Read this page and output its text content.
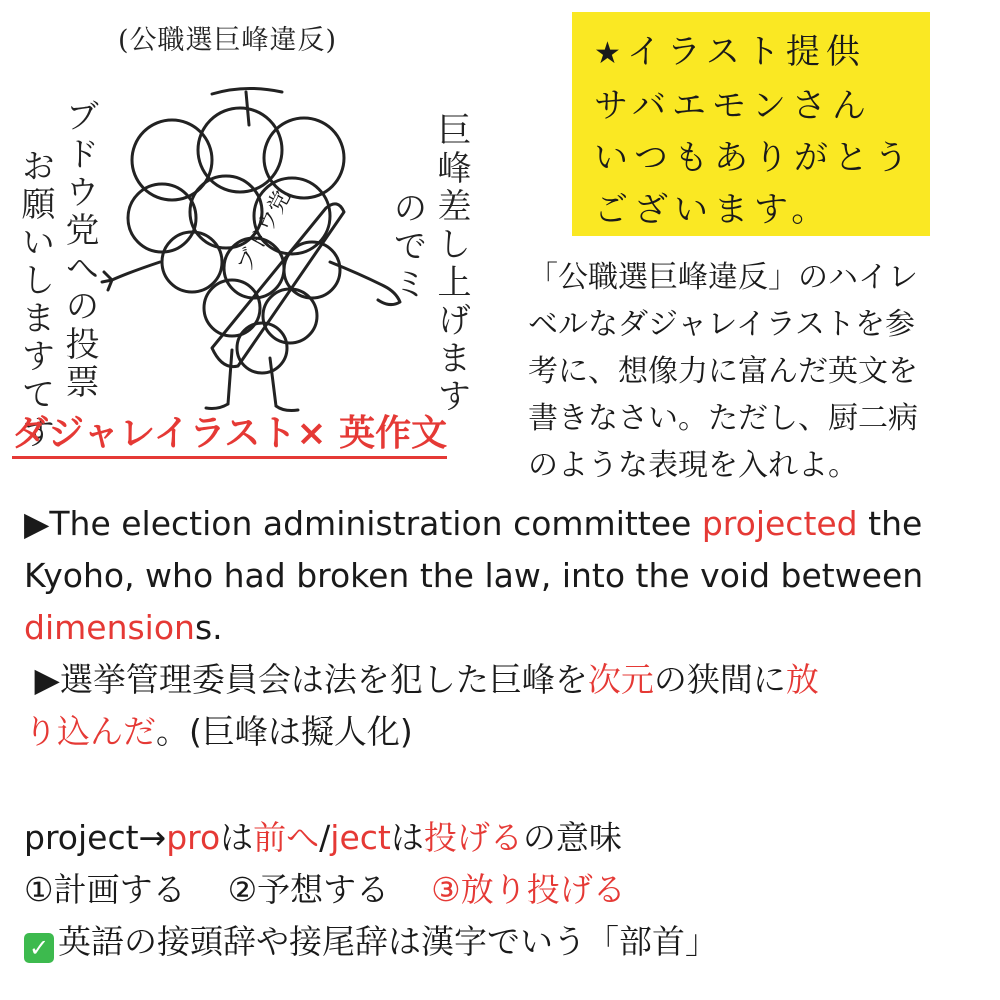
(公職選巨峰違反)
ブドウ党への投票
お願いしますてす	巨峰差し上げます
のでミ
ブドウ党
ダジャレイラスト× 英作文
★イラスト提供
サバエモンさん
いつもありがとう
ございます。
「公職選巨峰違反」のハイレ
ベルなダジャレイラストを参
考に、想像力に富んだ英文を
書きなさい。ただし、厨二病
のような表現を入れよ。

▶The election administration committee projected the

Kyoho, who had broken the law, into the void between

dimensions.

▶選挙管理委員会は法を犯した巨峰を次元の狭間に放

り込んだ。(巨峰は擬人化)

project→proは前へ/jectは投げるの意味

①計画する ②予想する ③放り投げる

✓ 英語の接頭辞や接尾辞は漢字でいう「部首」
